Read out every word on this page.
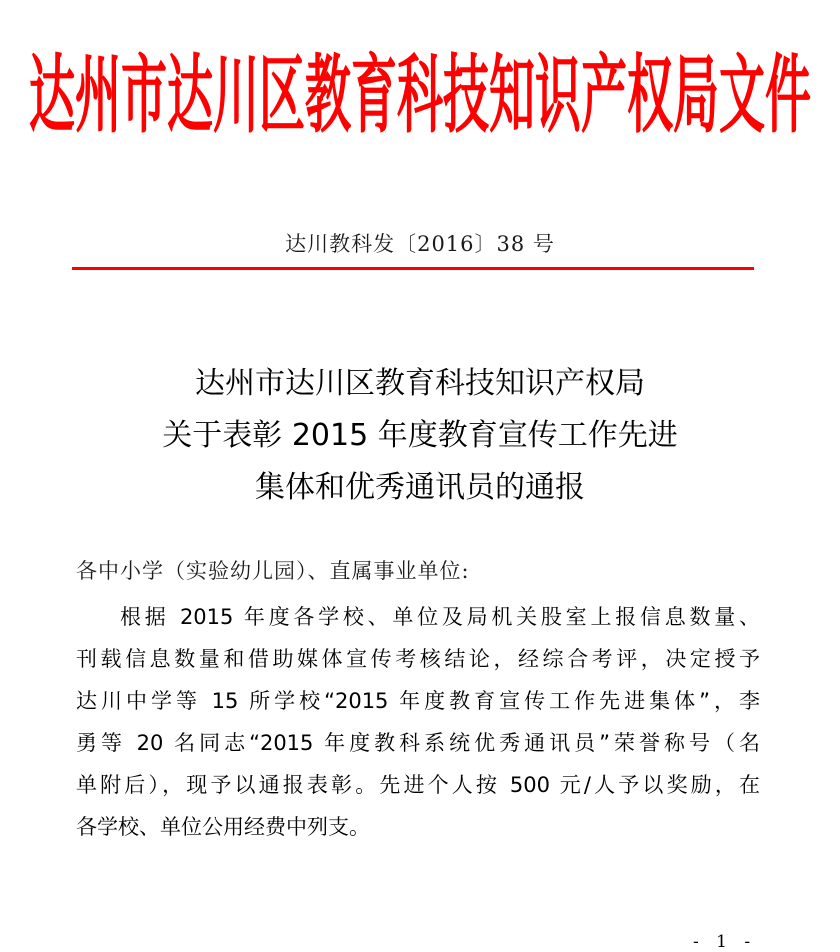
达州市达川区教育科技知识产权局文件
达川教科发〔2016〕38 号
达州市达川区教育科技知识产权局
关于表彰 2015 年度教育宣传工作先进
集体和优秀通讯员的通报
各中小学（实验幼儿园）、直属事业单位:
根据 2015 年度各学校、单位及局机关股室上报信息数量、
刊载信息数量和借助媒体宣传考核结论，经综合考评，决定授予
达川中学等 15 所学校“2015 年度教育宣传工作先进集体”，李
勇等 20 名同志“2015 年度教科系统优秀通讯员”荣誉称号（名
单附后），现予以通报表彰。先进个人按 500 元/人予以奖励，在
各学校、单位公用经费中列支。
- 1 -
